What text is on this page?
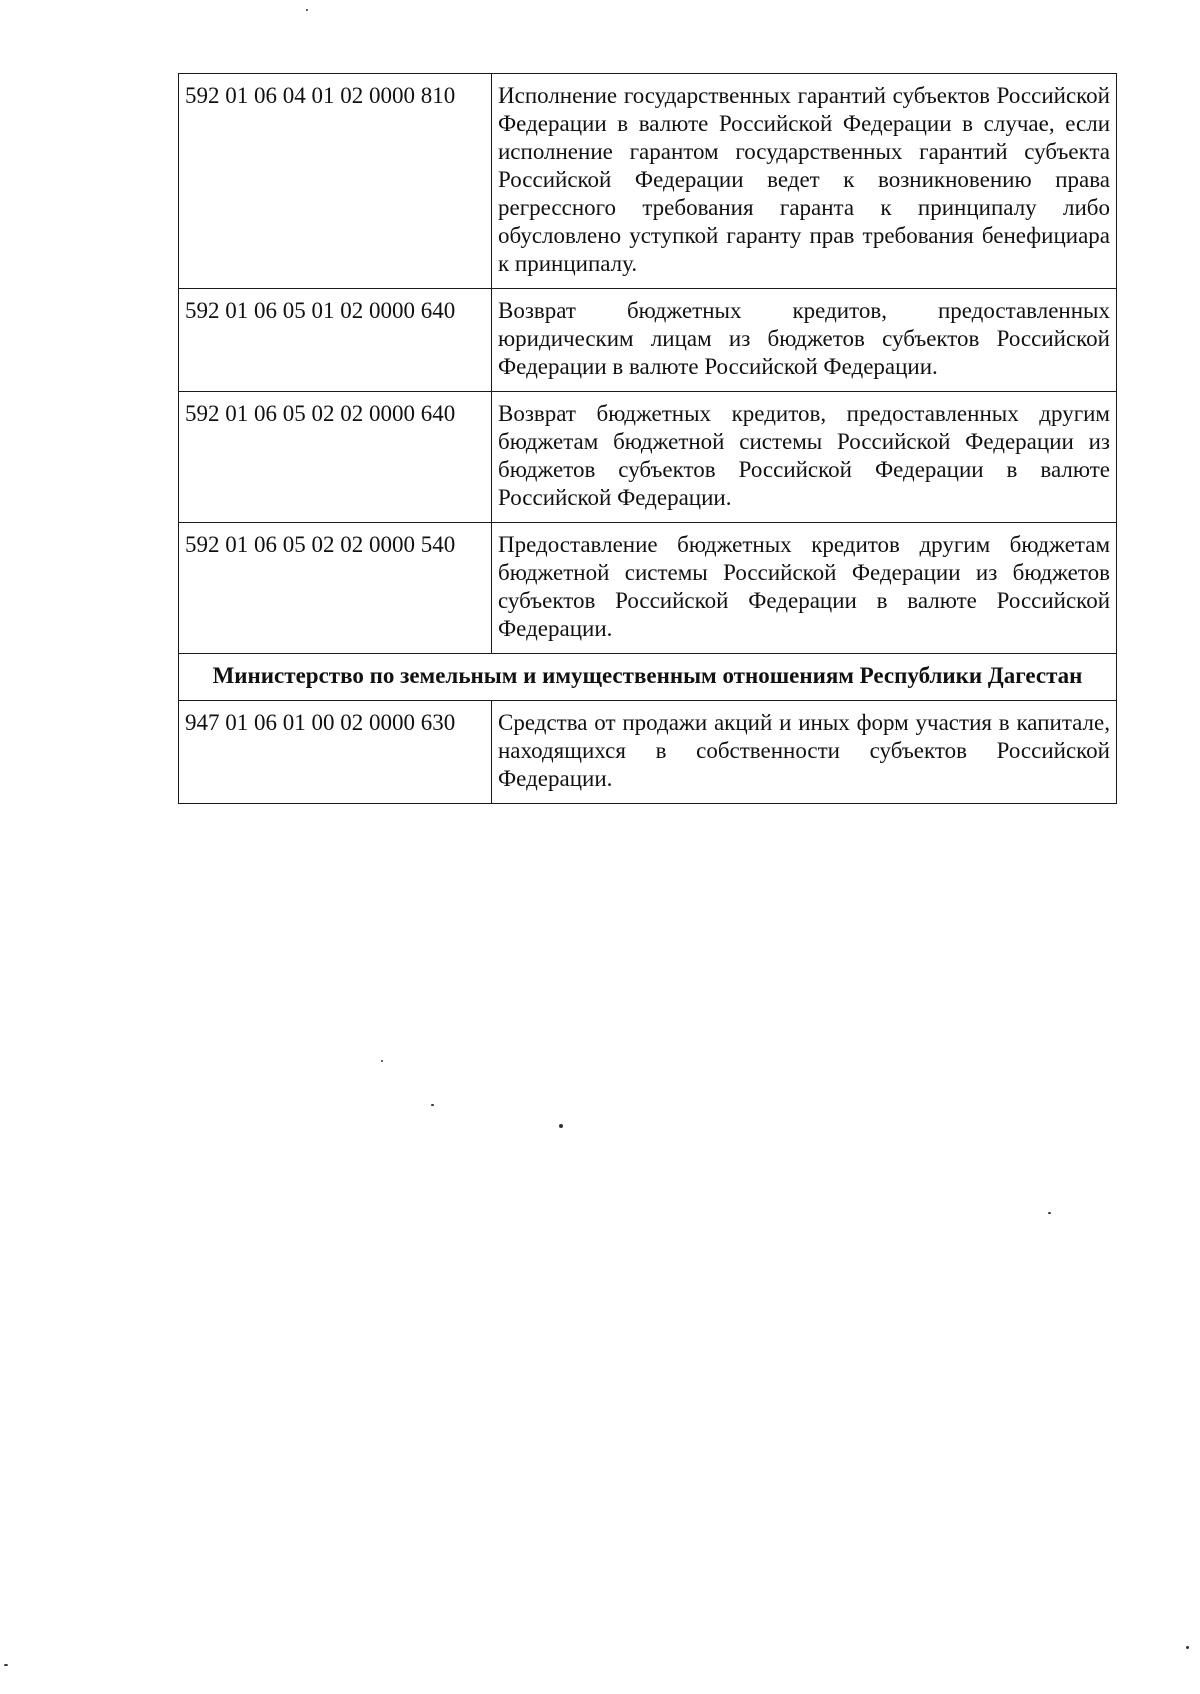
592 01 06 04 01 02 0000 810	Исполнение государственных гарантий субъектов Российской Федерации в валюте Российской Федерации в случае, если исполнение гарантом государственных гарантий субъекта Российской Федерации ведет к возникновению права регрессного требования гаранта к принципалу либо обусловлено уступкой гаранту прав требования бенефициара к принципалу.
592 01 06 05 01 02 0000 640	Возврат бюджетных кредитов, предоставленных юридическим лицам из бюджетов субъектов Российской Федерации в валюте Российской Федерации.
592 01 06 05 02 02 0000 640	Возврат бюджетных кредитов, предоставленных другим бюджетам бюджетной системы Российской Федерации из бюджетов субъектов Российской Федерации в валюте Российской Федерации.
592 01 06 05 02 02 0000 540	Предоставление бюджетных кредитов другим бюджетам бюджетной системы Российской Федерации из бюджетов субъектов Российской Федерации в валюте Российской Федерации.
Министерство по земельным и имущественным отношениям Республики Дагестан	
947 01 06 01 00 02 0000 630	Средства от продажи акций и иных форм участия в капитале, находящихся в собственности субъектов Российской Федерации.
